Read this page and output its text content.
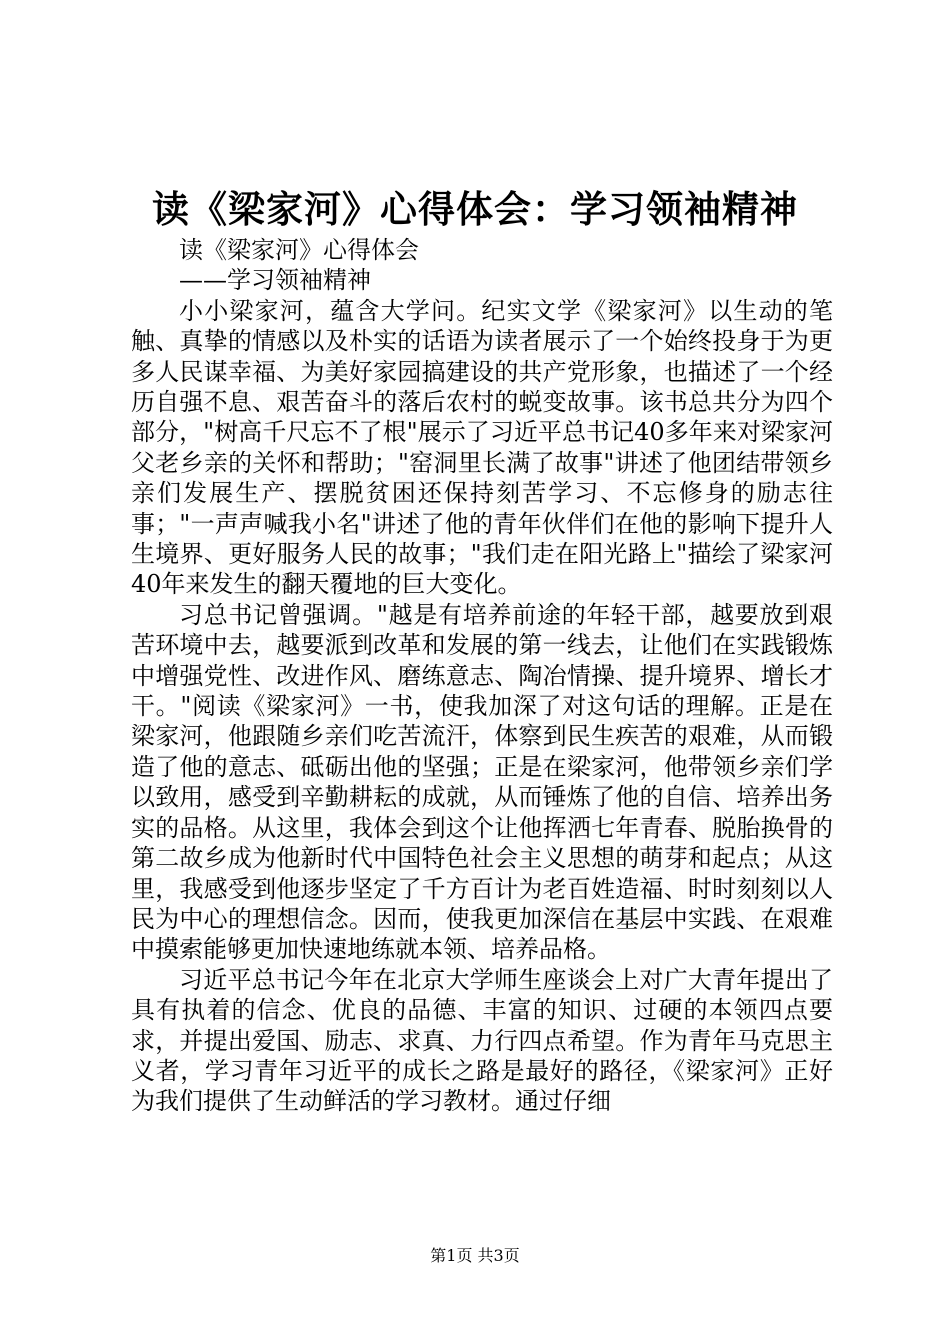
读《梁家河》心得体会：学习领袖精神
读《梁家河》心得体会
——学习领袖精神

小小梁家河，蕴含大学问。纪实文学《梁家河》以生动的笔触、真挚的情感以及朴实的话语为读者展示了一个始终投身于为更多人民谋幸福、为美好家园搞建设的共产党形象，也描述了一个经历自强不息、艰苦奋斗的落后农村的蜕变故事。该书总共分为四个部分，"树高千尺忘不了根"展示了习近平总书记40多年来对梁家河父老乡亲的关怀和帮助；"窑洞里长满了故事"讲述了他团结带领乡亲们发展生产、摆脱贫困还保持刻苦学习、不忘修身的励志往事；"一声声喊我小名"讲述了他的青年伙伴们在他的影响下提升人生境界、更好服务人民的故事；"我们走在阳光路上"描绘了梁家河40年来发生的翻天覆地的巨大变化。

习总书记曾强调。"越是有培养前途的年轻干部，越要放到艰苦环境中去，越要派到改革和发展的第一线去，让他们在实践锻炼中增强党性、改进作风、磨练意志、陶冶情操、提升境界、增长才干。"阅读《梁家河》一书，使我加深了对这句话的理解。正是在梁家河，他跟随乡亲们吃苦流汗，体察到民生疾苦的艰难，从而锻造了他的意志、砥砺出他的坚强；正是在梁家河，他带领乡亲们学以致用，感受到辛勤耕耘的成就，从而锤炼了他的自信、培养出务实的品格。从这里，我体会到这个让他挥洒七年青春、脱胎换骨的第二故乡成为他新时代中国特色社会主义思想的萌芽和起点；从这里，我感受到他逐步坚定了千方百计为老百姓造福、时时刻刻以人民为中心的理想信念。因而，使我更加深信在基层中实践、在艰难中摸索能够更加快速地练就本领、培养品格。

习近平总书记今年在北京大学师生座谈会上对广大青年提出了具有执着的信念、优良的品德、丰富的知识、过硬的本领四点要求，并提出爱国、励志、求真、力行四点希望。作为青年马克思主义者，学习青年习近平的成长之路是最好的路径，《梁家河》正好为我们提供了生动鲜活的学习教材。通过仔细

第1页 共3页
